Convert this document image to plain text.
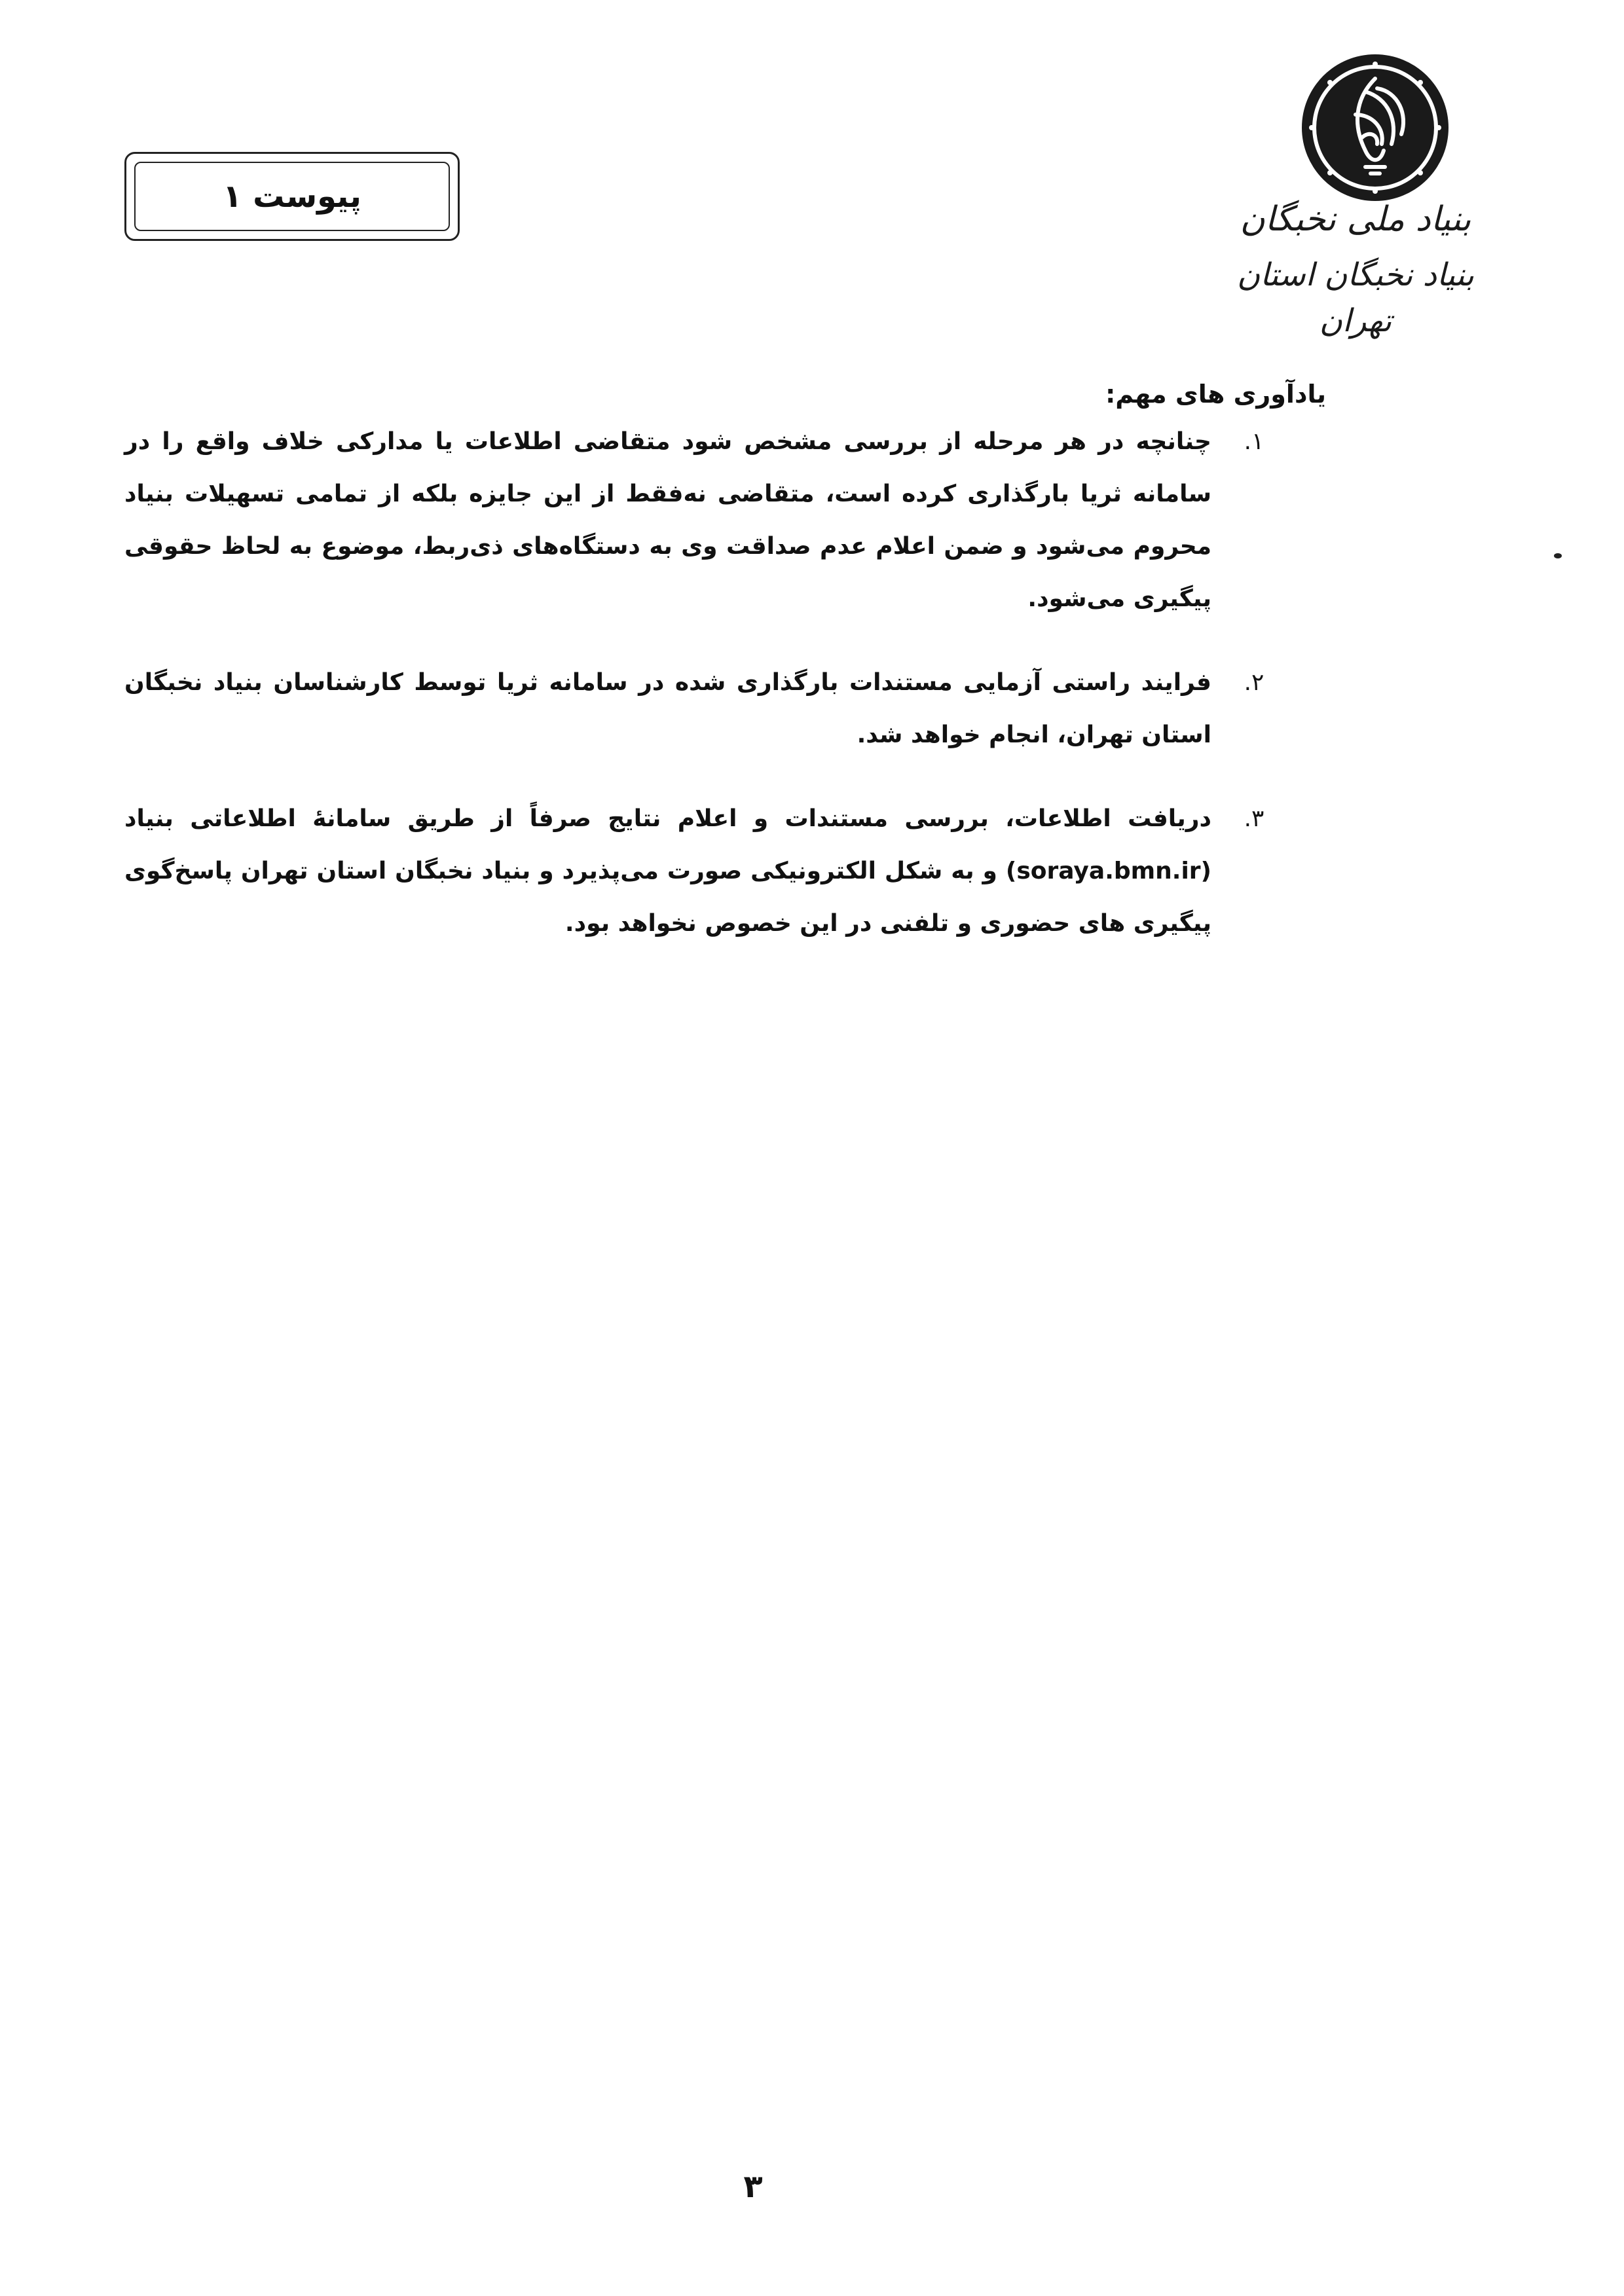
بنیاد ملی نخبگان
بنیاد نخبگان استان تهران
پیوست ۱
یادآوری های مهم:
۱.
چنانچه در هر مرحله از بررسی مشخص شود متقاضی اطلاعات یا مدارکی خلاف واقع را در سامانه ثریا بارگذاری کرده است، متقاضی نه‌فقط از این جایزه بلکه از تمامی تسهیلات بنیاد محروم می‌شود و ضمن اعلام عدم صداقت وی به دستگاه‌های ذی‌ربط، موضوع به لحاظ حقوقی پیگیری می‌شود.
۲.
فرایند راستی آزمایی مستندات بارگذاری شده در سامانه ثریا توسط کارشناسان بنیاد نخبگان استان تهران، انجام خواهد شد.
۳.
دریافت اطلاعات، بررسی مستندات و اعلام نتایج صرفاً از طریق سامانهٔ اطلاعاتی بنیاد (soraya.bmn.ir) و به شکل الکترونیکی صورت می‌پذیرد و بنیاد نخبگان استان تهران پاسخ‌گوی پیگیری های حضوری و تلفنی در این خصوص نخواهد بود.
۳
